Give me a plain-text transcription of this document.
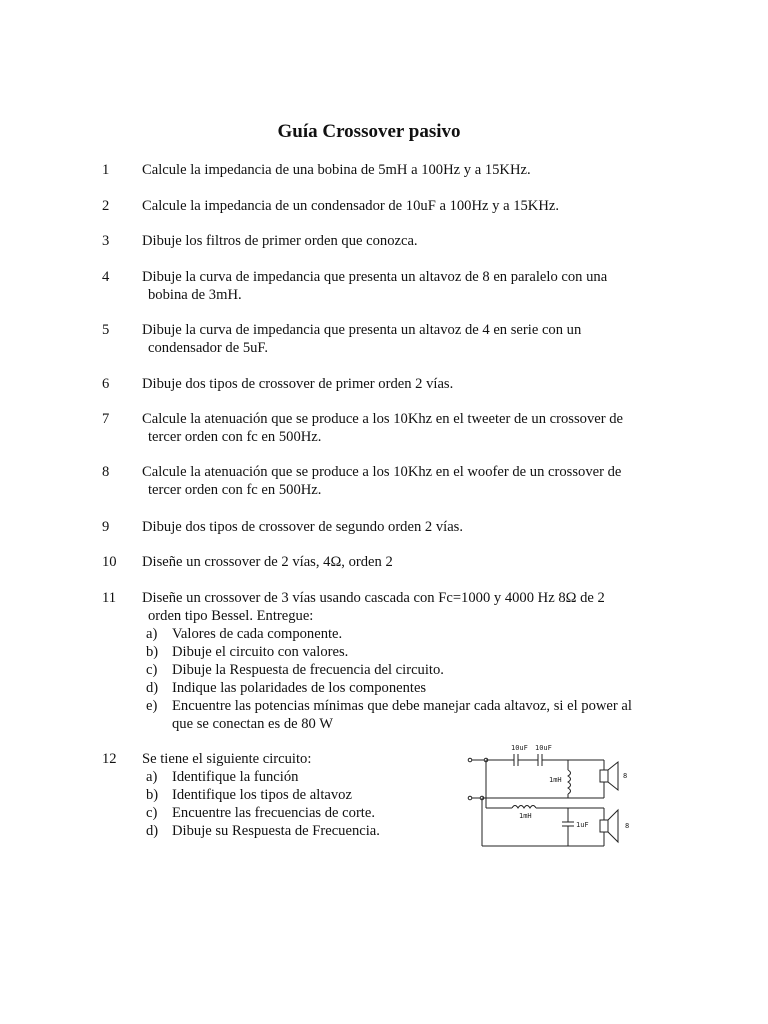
Guía Crossover pasivo
1	Calcule la impedancia de una bobina de 5mH a 100Hz y a 15KHz.
2	Calcule la impedancia de un condensador de 10uF a 100Hz y a 15KHz.
3	Dibuje los filtros de primer orden que conozca.
4	Dibuje la curva de impedancia que presenta un altavoz de 8 en paralelo con una
bobina de 3mH.
5	Dibuje la curva de impedancia que presenta un altavoz de 4 en serie con un
condensador de 5uF.
6	Dibuje dos tipos de crossover de primer orden 2 vías.
7	Calcule la atenuación que se produce a los 10Khz en el tweeter de un crossover de
tercer orden con fc en 500Hz.
8	Calcule la atenuación que se produce a los 10Khz en el woofer de un crossover de
tercer orden con fc en 500Hz.
9	Dibuje dos tipos de crossover de segundo orden 2 vías.
10	Diseñe un crossover de 2 vías, 4Ω, orden 2
11	Diseñe un crossover de 3 vías usando cascada con Fc=1000 y 4000 Hz 8Ω de 2
orden tipo Bessel. Entregue:
a)	Valores de cada componente.
b) Dibuje el circuito con valores.
c)	Dibuje la Respuesta de frecuencia del circuito.
d) Indique las polaridades de los componentes
e)	Encuentre las potencias mínimas que debe manejar cada altavoz, si el power al
que se conectan es de 80 W
12	Se tiene el siguiente circuito:
a)	Identifique la función
b) Identifique los tipos de altavoz
c)	Encuentre las frecuencias de corte.
d) Dibuje su Respuesta de Frecuencia.
10uF 10uF
1mH
1mH
1uF
8
8
